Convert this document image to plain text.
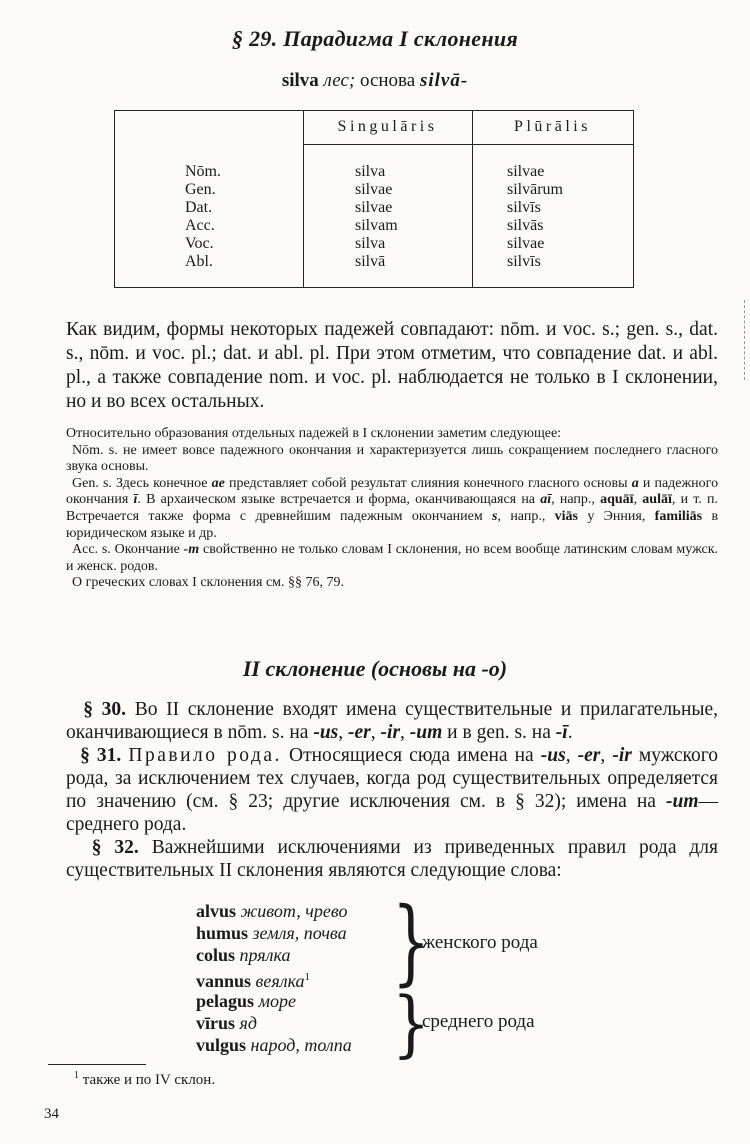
§ 29. Парадигма I склонения
silva лес; основа silvā-
Singulāris	Plūrālis
Nōm.
Gen.
Dat.
Acc.
Voc.
Abl.
silva
silvae
silvae
silvam
silva
silvā
silvae
silvārum
silvīs
silvās
silvae
silvīs

Как видим, формы некоторых падежей совпадают: nōm. и voc. s.; gen. s., dat. s., nōm. и voc. pl.; dat. и abl. pl. При этом отметим, что совпадение dat. и abl. pl., а также совпадение nom. и voc. pl. наблюдается не только в I склонении, но и во всех остальных.

Относительно образования отдельных падежей в I склонении заметим следующее:

Nōm. s. не имеет вовсе падежного окончания и характеризуется лишь сокращением последнего гласного звука основы.

Gen. s. Здесь конечное ae представляет собой результат слияния конечного гласного основы a и падежного окончания ī. В архаическом языке встречается и форма, оканчивающаяся на aī, напр., aquāī, aulāī, и т. п. Встречается также форма с древнейшим падежным окончанием s, напр., viās у Энния, familiās в юридическом языке и др.

Acc. s. Окончание -m свойственно не только словам I склонения, но всем вообще латинским словам мужск. и женск. родов.

О греческих словах I склонения см. §§ 76, 79.

II склонение (основы на -о)

§ 30. Во II склонение входят имена существительные и прилагательные, оканчивающиеся в nōm. s. на -us, -er, -ir, -um и в gen. s. на -ī.

§ 31. Правило рода. Относящиеся сюда имена на -us, -er, -ir мужского рода, за исключением тех случаев, когда род существительных определяется по значению (см. § 23; другие исключения см. в § 32); имена на -um—среднего рода.

§ 32. Важнейшими исключениями из приведенных правил рода для существительных II склонения являются следующие слова:

alvus живот, чрево
humus земля, почва
colus прялка
vannus веялка$^1$	}
женского рода
pelagus море
vīrus яд
vulgus народ, толпа }
среднего рода
$^1$ также и по IV склон.
34
